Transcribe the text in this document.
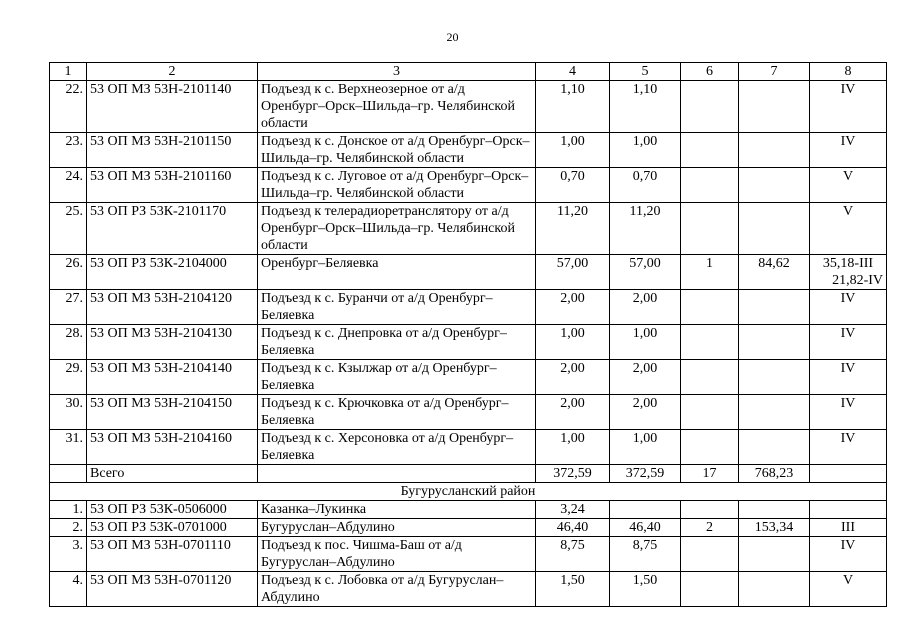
20
1	2	3	4	5	6	7	8
22.	53 ОП МЗ 53Н-2101140	Подъезд к с. Верхнеозерное от а/д Оренбург–Орск–Шильда–гр. Челябинской области	1,10	1,10			IV

23.	53 ОП МЗ 53Н-2101150	Подъезд к с. Донское от а/д Оренбург–Орск–Шильда–гр. Челябинской области	1,00	1,00			IV

24.	53 ОП МЗ 53Н-2101160	Подъезд к с. Луговое от а/д Оренбург–Орск–Шильда–гр. Челябинской области	0,70	0,70			V

25.	53 ОП РЗ 53К-2101170	Подъезд к телерадиоретранслятору от а/д Оренбург–Орск–Шильда–гр. Челябинской области	11,20	11,20			V

26.	53 ОП РЗ 53К-2104000	Оренбург–Беляевка	57,00	57,00	1	84,62	35,18-III
21,82-IV

27.	53 ОП МЗ 53Н-2104120	Подъезд к с. Буранчи от а/д Оренбург–Беляевка	2,00	2,00			IV

28.	53 ОП МЗ 53Н-2104130	Подъезд к с. Днепровка от а/д Оренбург–Беляевка	1,00	1,00			IV

29.	53 ОП МЗ 53Н-2104140	Подъезд к с. Кзылжар от а/д Оренбург–Беляевка	2,00	2,00			IV

30.	53 ОП МЗ 53Н-2104150	Подъезд к с. Крючковка от а/д Оренбург–Беляевка	2,00	2,00			IV

31.	53 ОП МЗ 53Н-2104160	Подъезд к с. Херсоновка от а/д Оренбург–Беляевка	1,00	1,00			IV

	Всего		372,59	372,59	17	768,23	
Бугурусланский район							
1.	53 ОП РЗ 53К-0506000	Казанка–Лукинка	3,24				

2.	53 ОП РЗ 53К-0701000	Бугуруслан–Абдулино	46,40	46,40	2	153,34	III

3.	53 ОП МЗ 53Н-0701110	Подъезд к пос. Чишма-Баш от а/д Бугуруслан–Абдулино	8,75	8,75			IV

4.	53 ОП МЗ 53Н-0701120	Подъезд к с. Лобовка от а/д Бугуруслан–Абдулино	1,50	1,50			V
